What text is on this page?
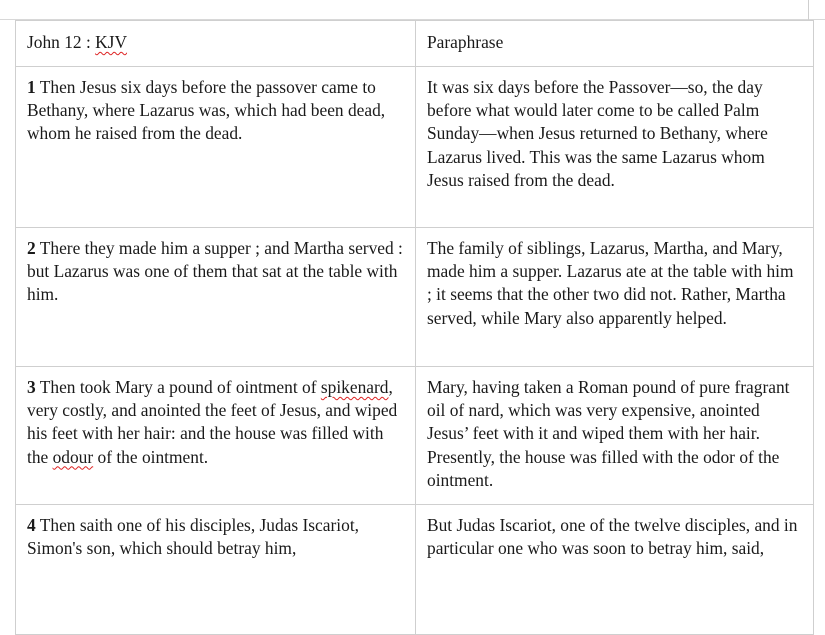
John 12 : KJV	Paraphrase
1 Then Jesus six days before the passover came to Bethany, where Lazarus was, which had been dead, whom he raised from the dead.	It was six days before the Passover—so, the day before what would later come to be called Palm Sunday—when Jesus returned to Bethany, where Lazarus lived. This was the same Lazarus whom Jesus raised from the dead.
2 There they made him a supper ; and Martha served : but Lazarus was one of them that sat at the table with him.	The family of siblings, Lazarus, Martha, and Mary, made him a supper. Lazarus ate at the table with him ; it seems that the other two did not. Rather, Martha served, while Mary also apparently helped.
3 Then took Mary a pound of ointment of spikenard, very costly, and anointed the feet of Jesus, and wiped his feet with her hair: and the house was filled with the odour of the ointment.	Mary, having taken a Roman pound of pure fragrant oil of nard, which was very expensive, anointed Jesus’ feet with it and wiped them with her hair. Presently, the house was filled with the odor of the ointment.
4 Then saith one of his disciples, Judas Iscariot, Simon's son, which should betray him,	But Judas Iscariot, one of the twelve disciples, and in particular one who was soon to betray him, said,
